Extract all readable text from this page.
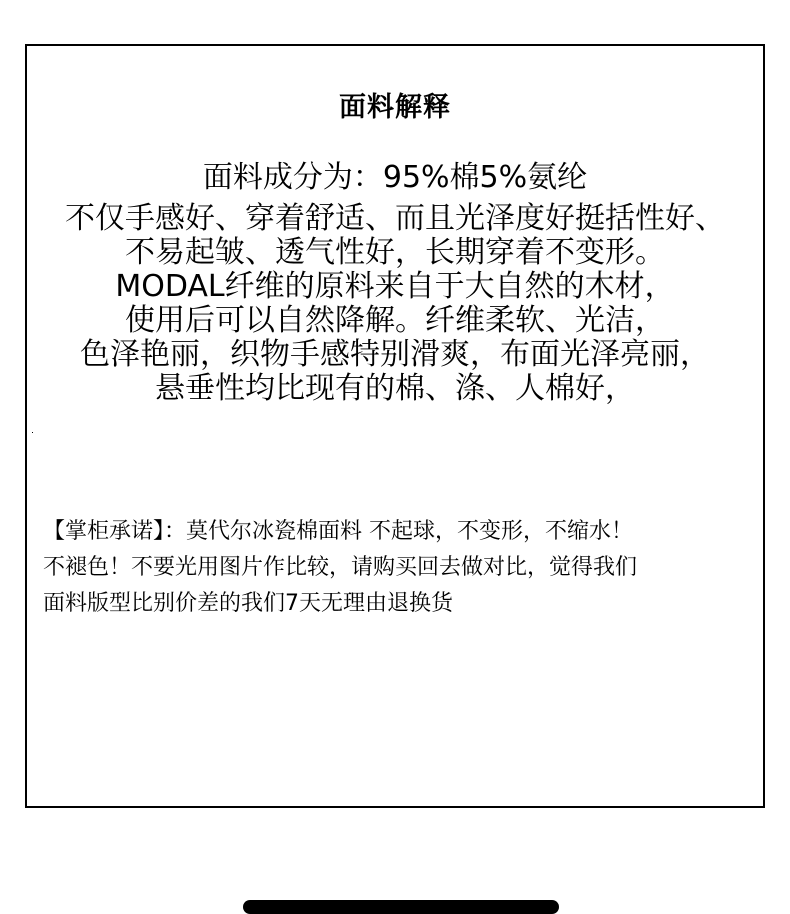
面料解释
面料成分为：95%棉5%氨纶
不仅手感好、穿着舒适、而且光泽度好挺括性好、
不易起皱、透气性好，长期穿着不变形。
MODAL纤维的原料来自于大自然的木材，
使用后可以自然降解。纤维柔软、光洁，
色泽艳丽，织物手感特别滑爽，布面光泽亮丽，
悬垂性均比现有的棉、涤、人棉好，
【掌柜承诺】：莫代尔冰瓷棉面料 不起球，不变形，不缩水！
不褪色！不要光用图片作比较，请购买回去做对比，觉得我们
面料版型比别价差的我们7天无理由退换货
